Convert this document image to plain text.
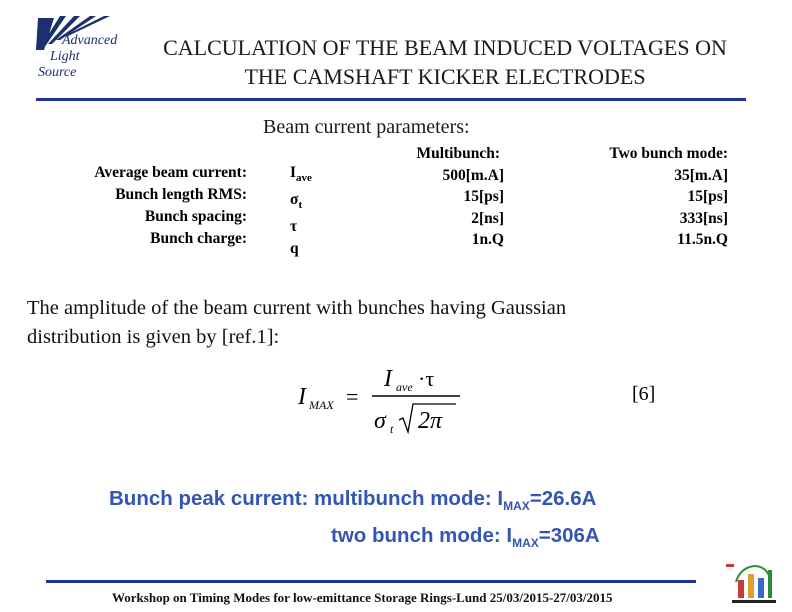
Advanced
Light
Source
CALCULATION OF THE BEAM INDUCED VOLTAGES ON
THE CAMSHAFT KICKER ELECTRODES
Beam current parameters:
Average beam current:
Bunch length RMS:
Bunch spacing:
Bunch charge:
$I_{ave}$
$\sigma_t$
τ
q
Multibunch:
500[m.A]
15[ps]
2[ns]
1n.Q
Two bunch mode:
35[m.A]
15[ps]
333[ns]
11.5n.Q
The amplitude of the beam current with bunches having Gaussian
distribution is given by [ref.1]:
I MAX =
I ave ·τ
σ t 2π
[6]
Bunch peak current: multibunch mode: $I_{MAX}=26.6A$
two bunch mode: $I_{MAX}=306A$
Workshop on Timing Modes for low-emittance Storage Rings-Lund 25/03/2015-27/03/2015
